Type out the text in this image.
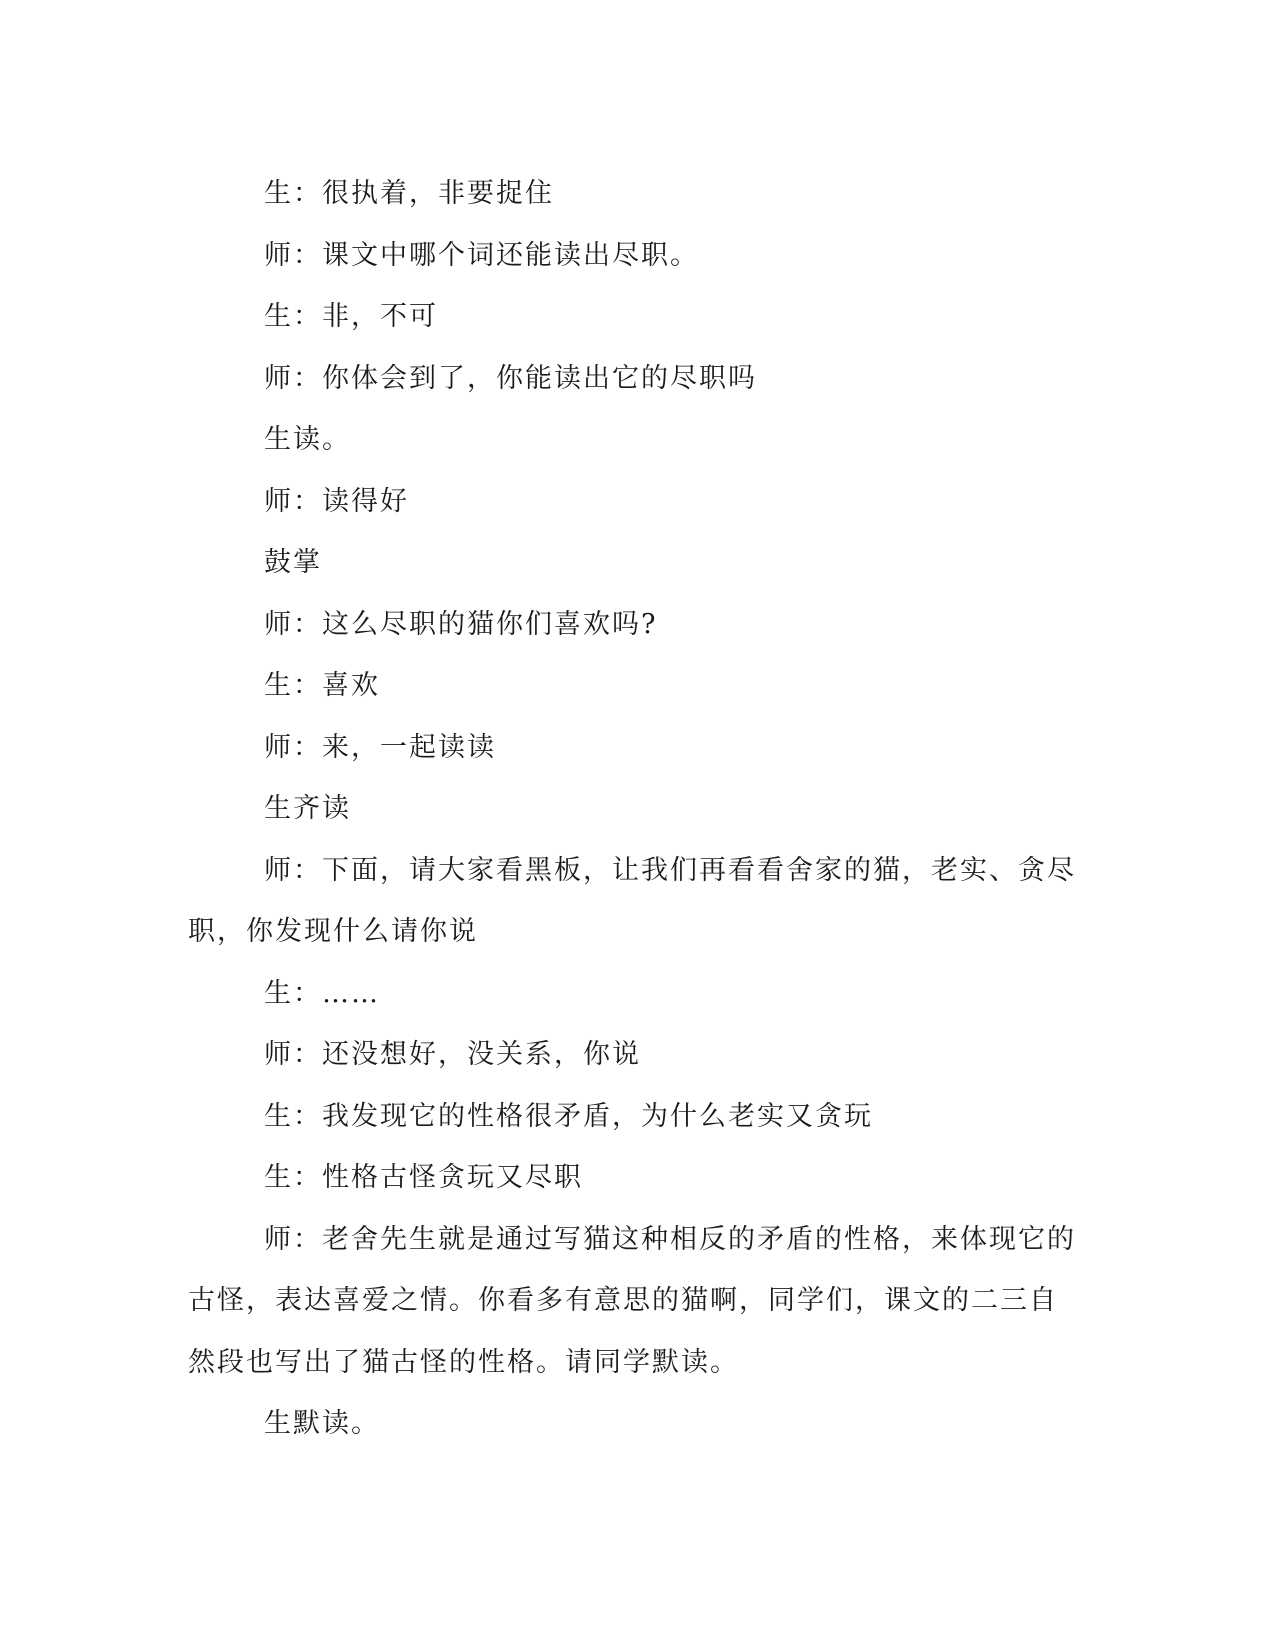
生：很执着，非要捉住

师：课文中哪个词还能读出尽职。

生：非，不可

师：你体会到了，你能读出它的尽职吗

生读。

师：读得好

鼓掌

师：这么尽职的猫你们喜欢吗?

生：喜欢

师：来，一起读读

生齐读

师：下面，请大家看黑板，让我们再看看舍家的猫，老实、贪尽职，你发现什么请你说

生：……

师：还没想好，没关系，你说

生：我发现它的性格很矛盾，为什么老实又贪玩

生：性格古怪贪玩又尽职

师：老舍先生就是通过写猫这种相反的矛盾的性格，来体现它的古怪，表达喜爱之情。你看多有意思的猫啊，同学们，课文的二三自然段也写出了猫古怪的性格。请同学默读。

生默读。
